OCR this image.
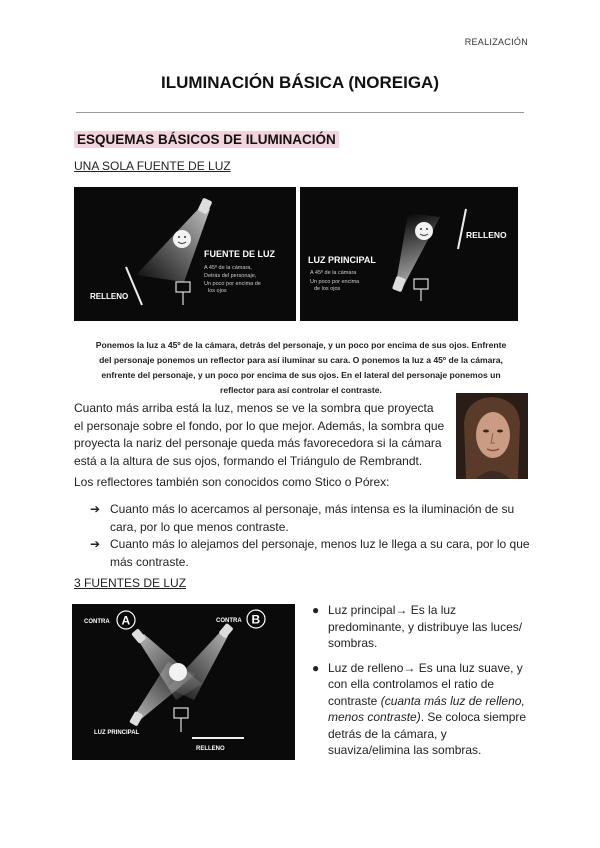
REALIZACIÓN
ILUMINACIÓN BÁSICA (NOREIGA)
ESQUEMAS BÁSICOS DE ILUMINACIÓN
UNA SOLA FUENTE DE LUZ
FUENTE DE LUZ
A 45º de la cámara,
Detrás del personaje,
Un poco por encima de
los ojos
RELLENO
RELLENO
LUZ PRINCIPAL
A 45º de la cámara
Un poco por encima
de los ojos
Ponemos la luz a 45º de la cámara, detrás del personaje, y un poco por encima de sus ojos. Enfrente
del personaje ponemos un reflector para así iluminar su cara. O ponemos la luz a 45º de la cámara,
enfrente del personaje, y un poco por encima de sus ojos. En el lateral del personaje ponemos un
reflector para así controlar el contraste.
Cuanto más arriba está la luz, menos se ve la sombra que proyecta
el personaje sobre el fondo, por lo que mejor. Además, la sombra que
proyecta la nariz del personaje queda más favorecedora si la cámara
está a la altura de sus ojos, formando el Triángulo de Rembrandt.
Los reflectores también son conocidos como Stico o Pórex:
➔ Cuanto más lo acercamos al personaje, más intensa es la iluminación de su cara, por lo que menos contraste.
➔ Cuanto más lo alejamos del personaje, menos luz le llega a su cara, por lo que más contraste.
3 FUENTES DE LUZ
CONTRA A	CONTRA B
LUZ PRINCIPAL
RELLENO
● Luz principal→ Es la luz predominante, y distribuye las luces/ sombras.
● Luz de relleno→ Es una luz suave, y con ella controlamos el ratio de contraste (cuanta más luz de relleno, menos contraste). Se coloca siempre detrás de la cámara, y suaviza/elimina las sombras.
